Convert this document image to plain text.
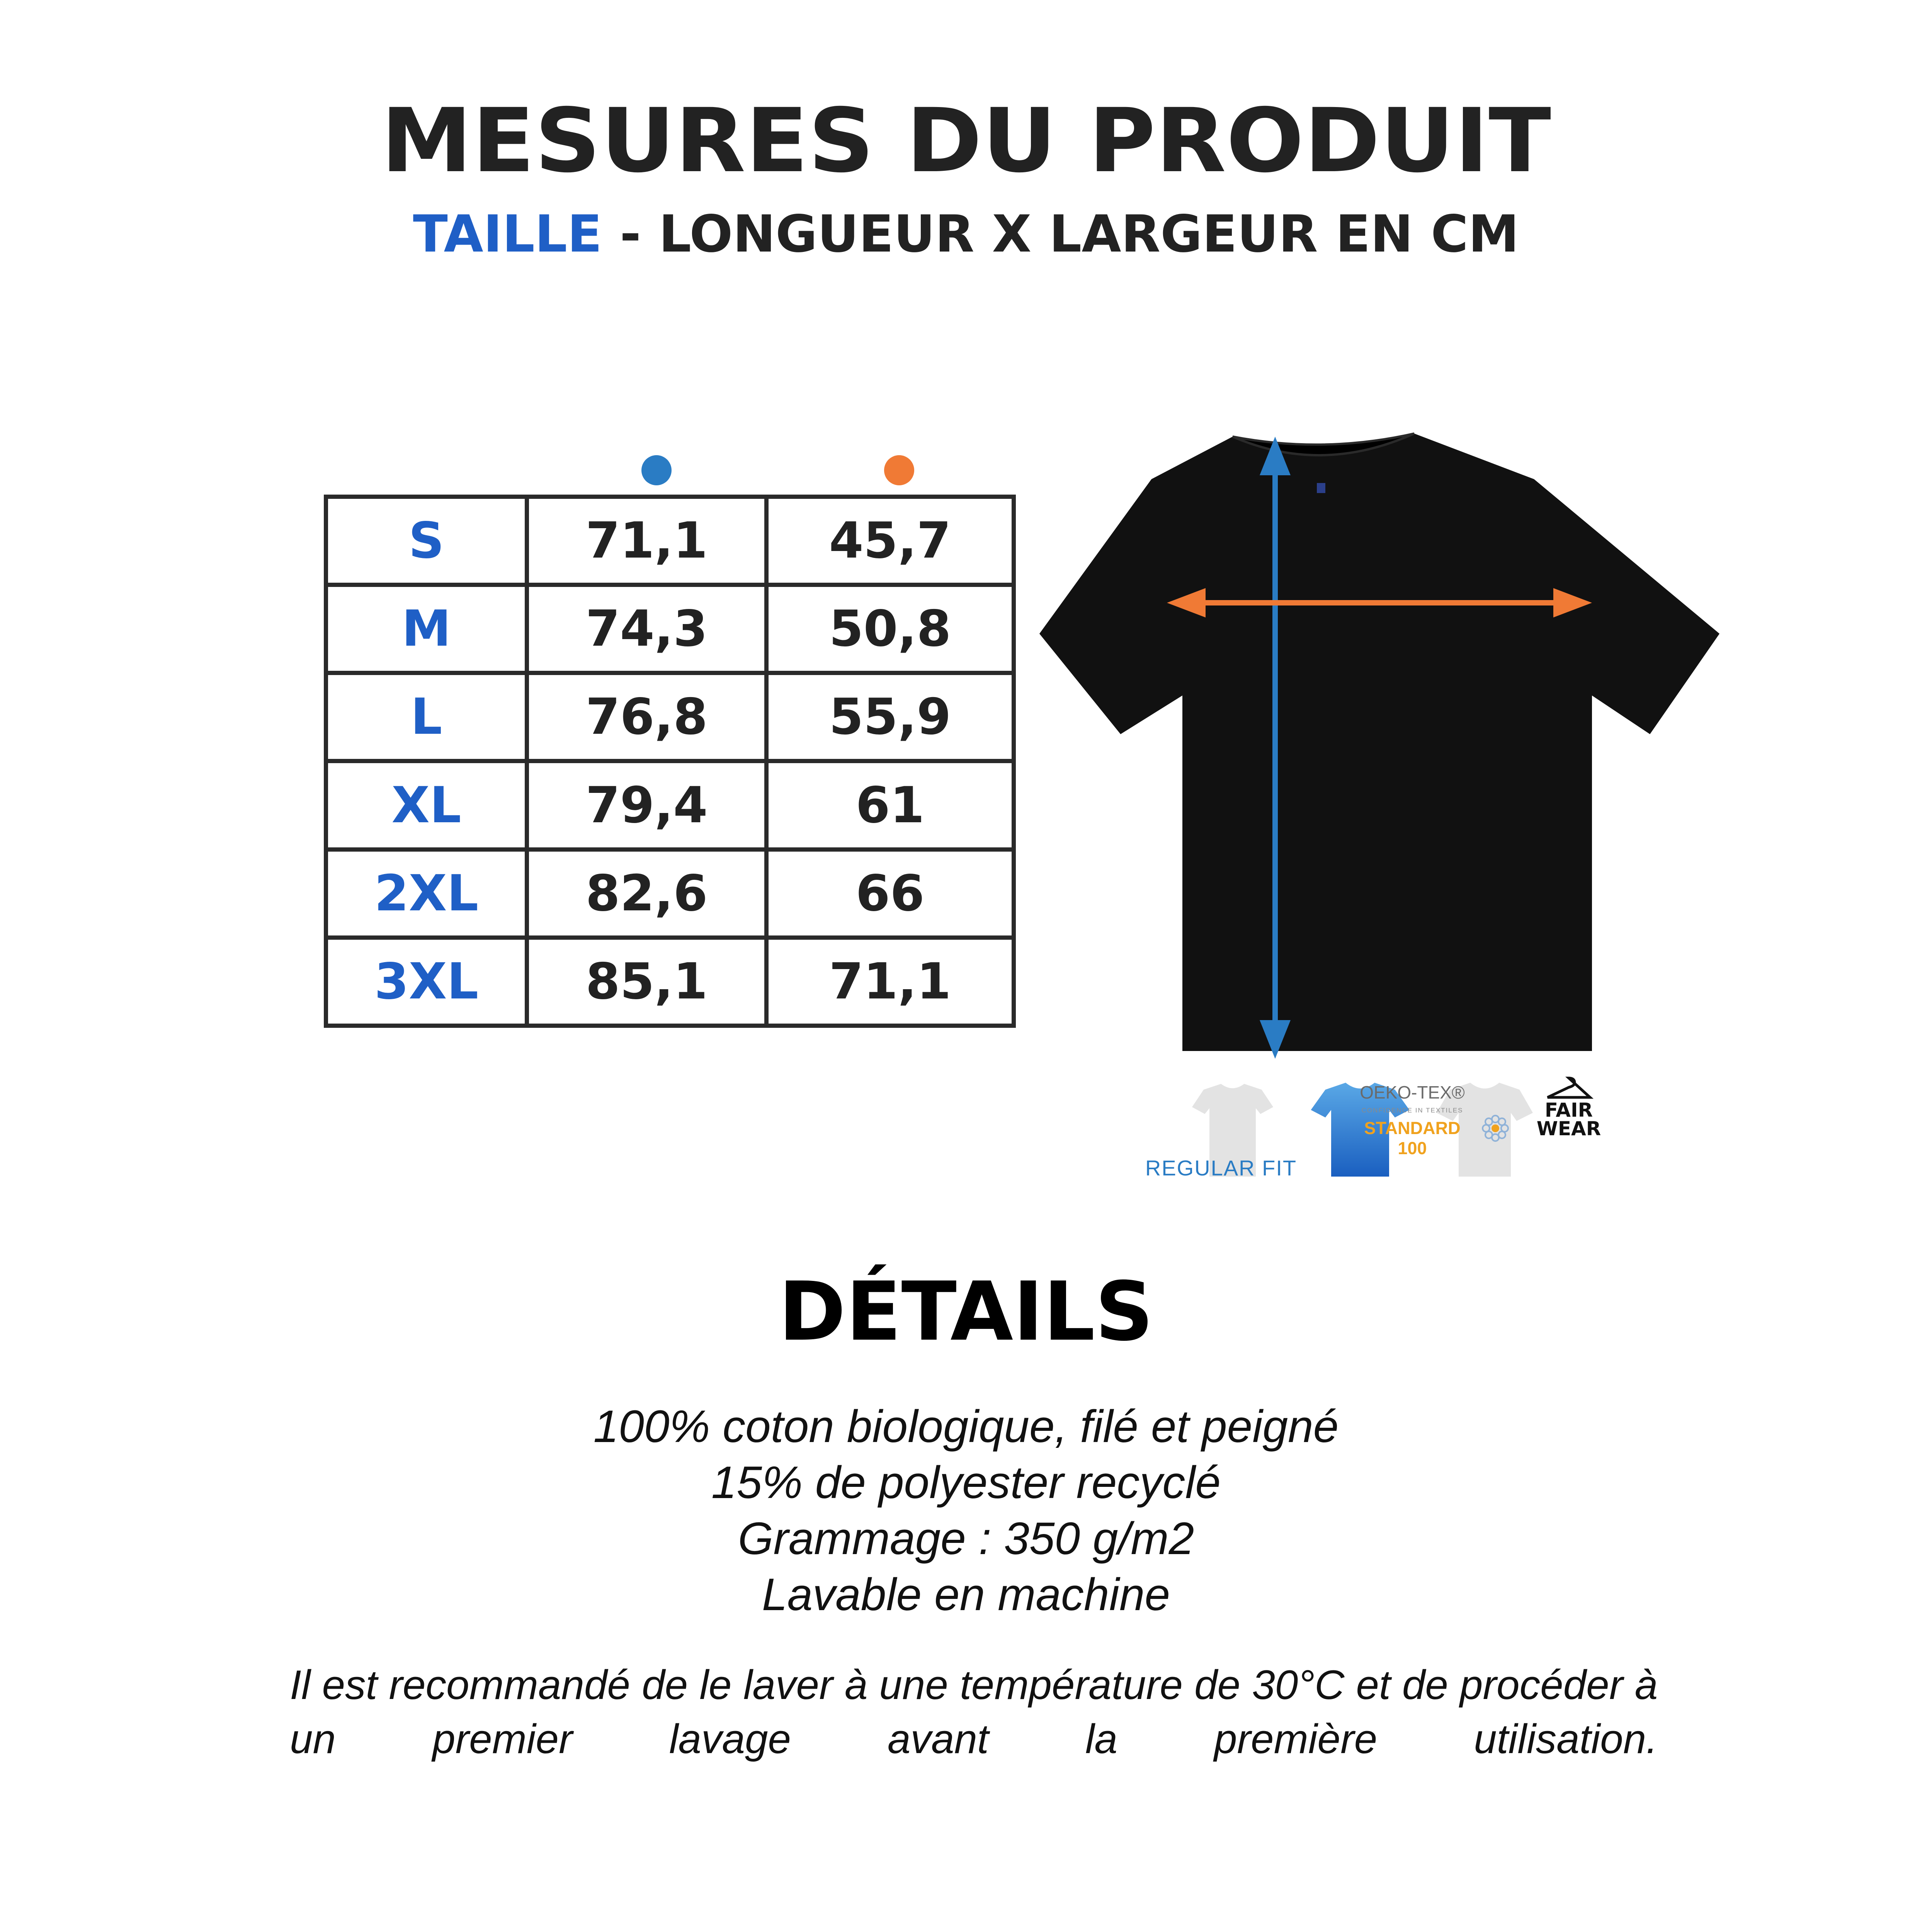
MESURES DU PRODUIT
TAILLE - LONGUEUR X LARGEUR EN CM
S	71,1	45,7
M	74,3	50,8
L	76,8	55,9
XL	79,4	61
2XL	82,6	66
3XL	85,1	71,1
REGULAR FIT
OEKO-TEX®
CONFIDENCE IN TEXTILES
STANDARD 100
FAIR WEAR
DÉTAILS
100% coton biologique, filé et peigné
15% de polyester recyclé
Grammage : 350 g/m2
Lavable en machine
Il est recommandé de le laver à une température de 30°C et de procéder à un premier lavage avant la première utilisation.
